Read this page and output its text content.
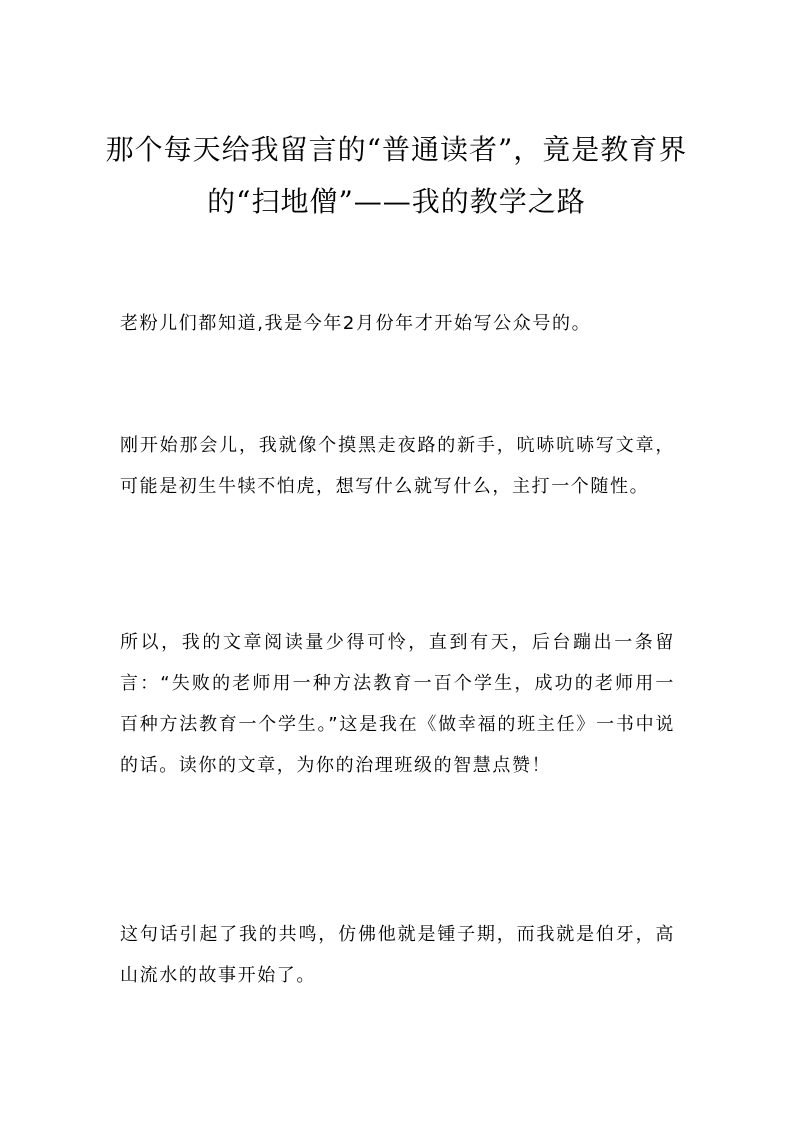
那个每天给我留言的“普通读者”，竟是教育界的“扫地僧”——我的教学之路

老粉儿们都知道,我是今年2月份年才开始写公众号的。

刚开始那会儿，我就像个摸黑走夜路的新手，吭哧吭哧写文章，可能是初生牛犊不怕虎，想写什么就写什么，主打一个随性。

所以，我的文章阅读量少得可怜，直到有天，后台蹦出一条留言：“失败的老师用一种方法教育一百个学生，成功的老师用一百种方法教育一个学生。”这是我在《做幸福的班主任》一书中说的话。读你的文章，为你的治理班级的智慧点赞！

这句话引起了我的共鸣，仿佛他就是锺子期，而我就是伯牙，高山流水的故事开始了。
